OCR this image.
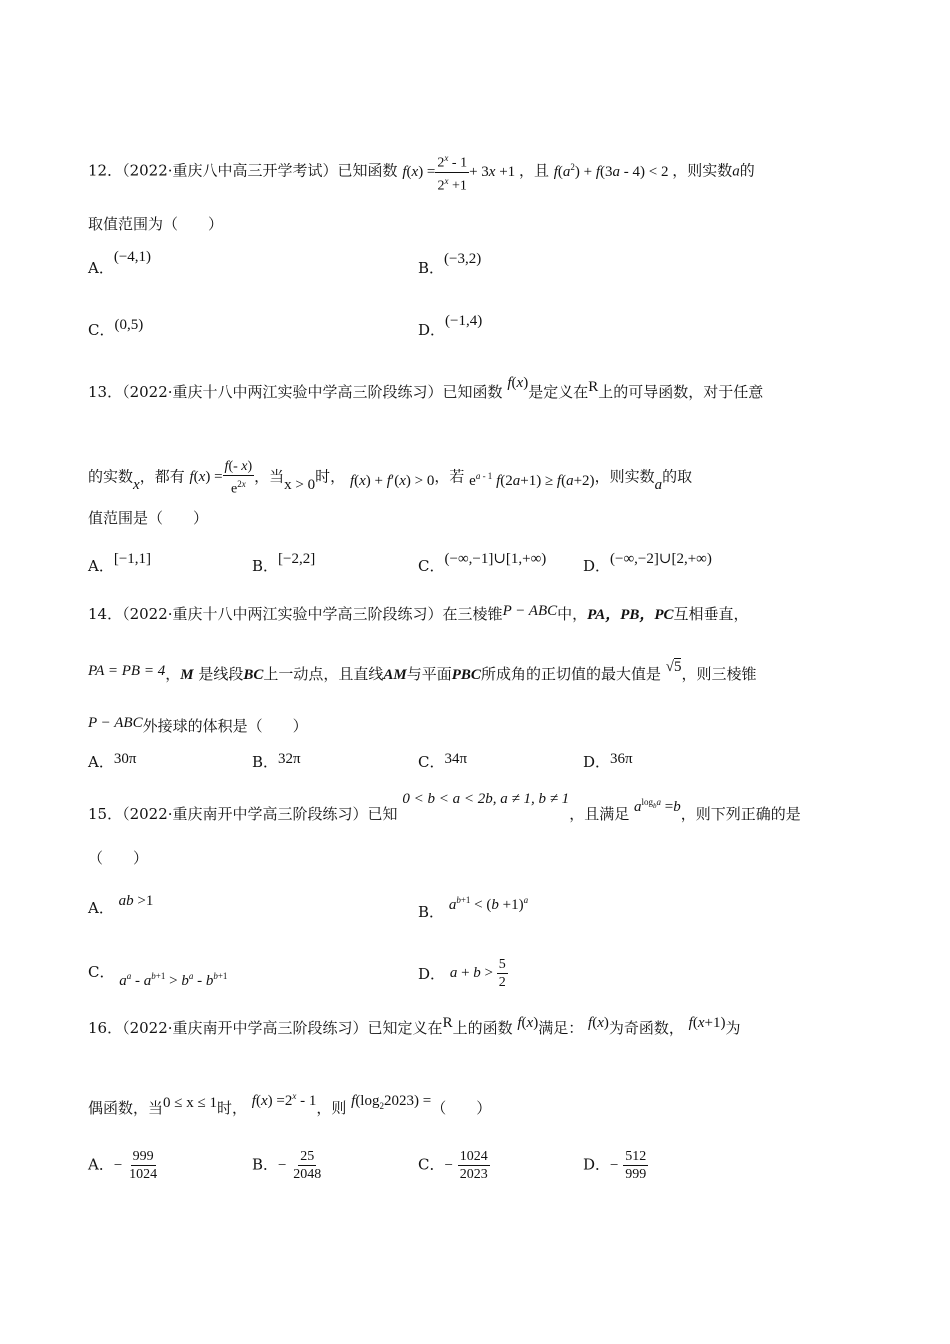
12．（2022·重庆八中高三开学考试）已知函数 $f(x) = \frac{2^x - 1}{2^x +1} + 3x +1$ ，且 $f(a^2) + f(3a - 4) < 2$ ，则实数a的
取值范围为（　　）
A．(−4,1)
B．(−3,2)
C．(0,5)	D．(−1,4)
13．（2022·重庆十八中两江实验中学高三阶段练习）已知函数 f(x)是定义在R上的可导函数，对于任意
的实数x，都有 $f(x) = \frac{f(- x)}{e^{2x}}$ ，当x > 0时， f(x) + f′(x) > 0，若 $e^{a - 1}$ f(2a+1) ≥ f(a+2)，则实数a的取
值范围是（　　）
A．[−1,1]	B．[−2,2]	C．(−∞,−1]∪[1,+∞) D．(−∞,−2]∪[2,+∞)
14．（2022·重庆十八中两江实验中学高三阶段练习）在三棱锥P − ABC中，PA，PB，PC互相垂直，
PA = PB = 4，M 是线段BC上一动点，且直线AM与平面PBC所成角的正切值的最大值是 √5，则三棱锥
P − ABC外接球的体积是（　　）
A．30π	B．32π	C．34π	D．36π
15．（2022·重庆南开中学高三阶段练习）已知 0 < b < a < 2b, a ≠ 1, b ≠ 1，且满足 $a^{log_ba} =b$，则下列正确的是
（　　）
A． ab >1
B． $a^{b+1} < (b +1)^a$
C． $a^a - a^{b+1} > b^a - b^{b+1}$	D． $a + b > \frac{5}{2}$
16．（2022·重庆南开中学高三阶段练习）已知定义在R上的函数 f(x)满足： f(x)为奇函数， f(x+1)为
偶函数，当0 ≤ x ≤ 1时， $f(x) =2^x - 1$，则 $f(\log_22023)$ =（　　）
A．− $\frac{999}{1024}$	B．− $\frac{25}{2048}$	C．− $\frac{1024}{2023}$	D．− $\frac{512}{999}$
